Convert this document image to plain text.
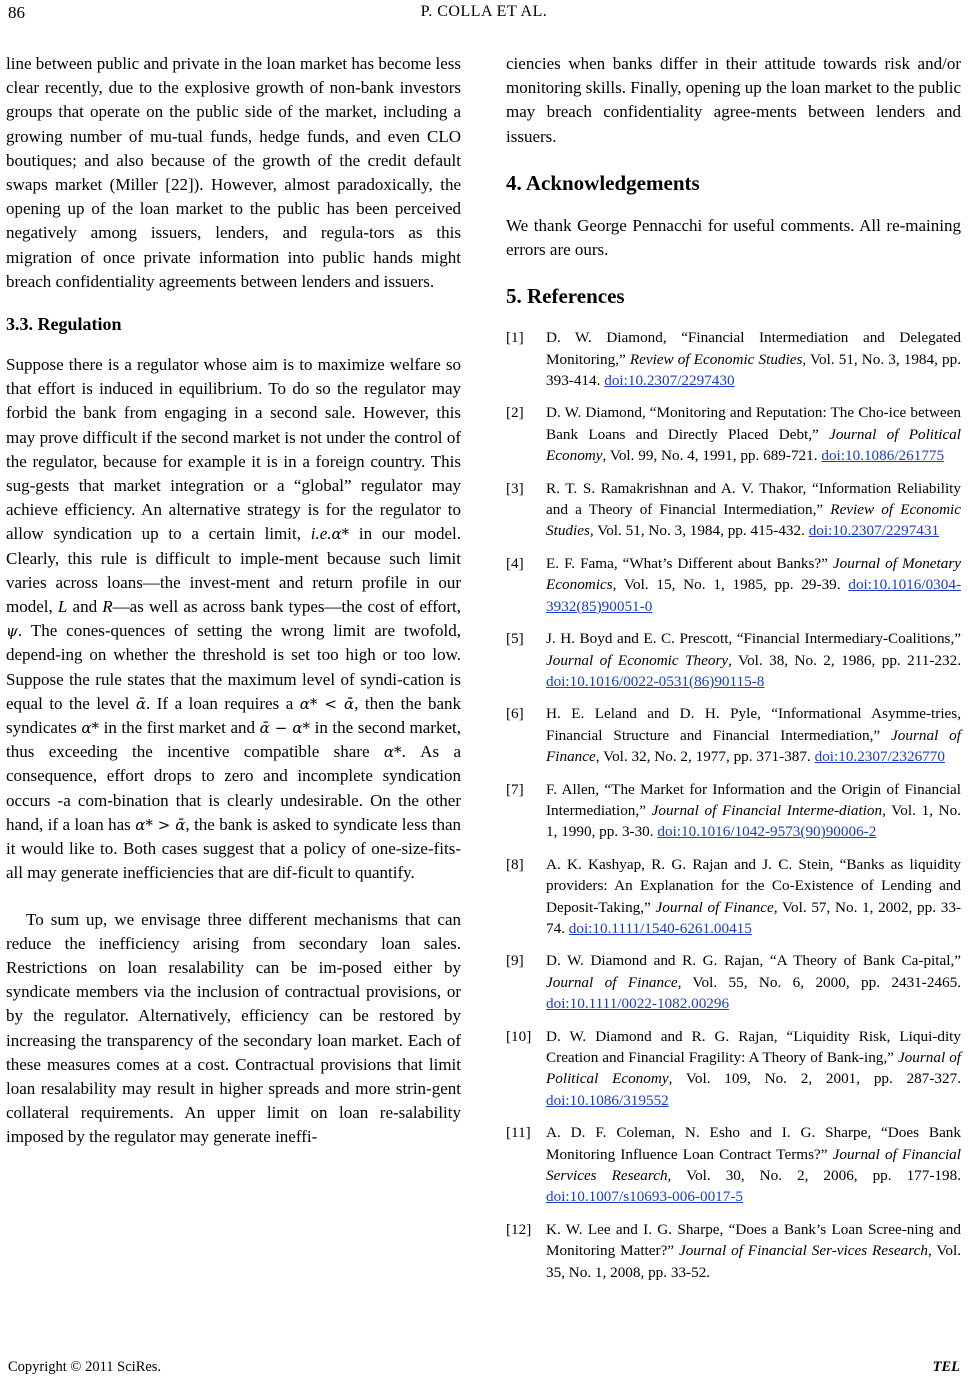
86	P. COLLA ET AL.

line between public and private in the loan market has become less clear recently, due to the explosive growth of non-bank investors groups that operate on the public side of the market, including a growing number of mu-tual funds, hedge funds, and even CLO boutiques; and also because of the growth of the credit default swaps market (Miller [22]). However, almost paradoxically, the opening up of the loan market to the public has been perceived negatively among issuers, lenders, and regula-tors as this migration of once private information into public hands might breach confidentiality agreements between lenders and issuers.

3.3. Regulation

Suppose there is a regulator whose aim is to maximize welfare so that effort is induced in equilibrium. To do so the regulator may forbid the bank from engaging in a second sale. However, this may prove difficult if the second market is not under the control of the regulator, because for example it is in a foreign country. This sug-gests that market integration or a “global” regulator may achieve efficiency. An alternative strategy is for the regulator to allow syndication up to a certain limit, i.e.α* in our model. Clearly, this rule is difficult to imple-ment because such limit varies across loans—the invest-ment and return profile in our model, L and R—as well as across bank types—the cost of effort, ψ. The cones-quences of setting the wrong limit are twofold, depend-ing on whether the threshold is set too high or too low. Suppose the rule states that the maximum level of syndi-cation is equal to the level ᾱ. If a loan requires a α* < ᾱ, then the bank syndicates α* in the first market and ᾱ − α* in the second market, thus exceeding the incentive compatible share α*. As a consequence, effort drops to zero and incomplete syndication occurs -a com-bination that is clearly undesirable. On the other hand, if a loan has α* > ᾱ, the bank is asked to syndicate less than it would like to. Both cases suggest that a policy of one-size-fits-all may generate inefficiencies that are dif-ficult to quantify.

To sum up, we envisage three different mechanisms that can reduce the inefficiency arising from secondary loan sales. Restrictions on loan resalability can be im-posed either by syndicate members via the inclusion of contractual provisions, or by the regulator. Alternatively, efficiency can be restored by increasing the transparency of the secondary loan market. Each of these measures comes at a cost. Contractual provisions that limit loan resalability may result in higher spreads and more strin-gent collateral requirements. An upper limit on loan re-salability imposed by the regulator may generate ineffi-

ciencies when banks differ in their attitude towards risk and/or monitoring skills. Finally, opening up the loan market to the public may breach confidentiality agree-ments between lenders and issuers.

4. Acknowledgements

We thank George Pennacchi for useful comments. All re-maining errors are ours.

5. References
[1]	D. W. Diamond, “Financial Intermediation and Delegated Monitoring,” Review of Economic Studies, Vol. 51, No. 3, 1984, pp. 393-414. doi:10.2307/2297430
[2]	D. W. Diamond, “Monitoring and Reputation: The Cho-ice between Bank Loans and Directly Placed Debt,” Journal of Political Economy, Vol. 99, No. 4, 1991, pp. 689-721. doi:10.1086/261775
[3]	R. T. S. Ramakrishnan and A. V. Thakor, “Information Reliability and a Theory of Financial Intermediation,” Review of Economic Studies, Vol. 51, No. 3, 1984, pp. 415-432. doi:10.2307/2297431
[4]	E. F. Fama, “What’s Different about Banks?” Journal of Monetary Economics, Vol. 15, No. 1, 1985, pp. 29-39. doi:10.1016/0304-3932(85)90051-0
[5]	J. H. Boyd and E. C. Prescott, “Financial Intermediary-Coalitions,” Journal of Economic Theory, Vol. 38, No. 2, 1986, pp. 211-232. doi:10.1016/0022-0531(86)90115-8
[6]	H. E. Leland and D. H. Pyle, “Informational Asymme-tries, Financial Structure and Financial Intermediation,” Journal of Finance, Vol. 32, No. 2, 1977, pp. 371-387. doi:10.2307/2326770
[7]	F. Allen, “The Market for Information and the Origin of Financial Intermediation,” Journal of Financial Interme-diation, Vol. 1, No. 1, 1990, pp. 3-30. doi:10.1016/1042-9573(90)90006-2
[8]	A. K. Kashyap, R. G. Rajan and J. C. Stein, “Banks as liquidity providers: An Explanation for the Co-Existence of Lending and Deposit-Taking,” Journal of Finance, Vol. 57, No. 1, 2002, pp. 33-74. doi:10.1111/1540-6261.00415
[9]	D. W. Diamond and R. G. Rajan, “A Theory of Bank Ca-pital,” Journal of Finance, Vol. 55, No. 6, 2000, pp. 2431-2465. doi:10.1111/0022-1082.00296
[10] D. W. Diamond and R. G. Rajan, “Liquidity Risk, Liqui-dity Creation and Financial Fragility: A Theory of Bank-ing,” Journal of Political Economy, Vol. 109, No. 2, 2001, pp. 287-327. doi:10.1086/319552
[11]	A. D. F. Coleman, N. Esho and I. G. Sharpe, “Does Bank Monitoring Influence Loan Contract Terms?” Journal of Financial Services Research, Vol. 30, No. 2, 2006, pp. 177-198. doi:10.1007/s10693-006-0017-5
[12] K. W. Lee and I. G. Sharpe, “Does a Bank’s Loan Scree-ning and Monitoring Matter?” Journal of Financial Ser-vices Research, Vol. 35, No. 1, 2008, pp. 33-52.
Copyright © 2011 SciRes.	TEL
